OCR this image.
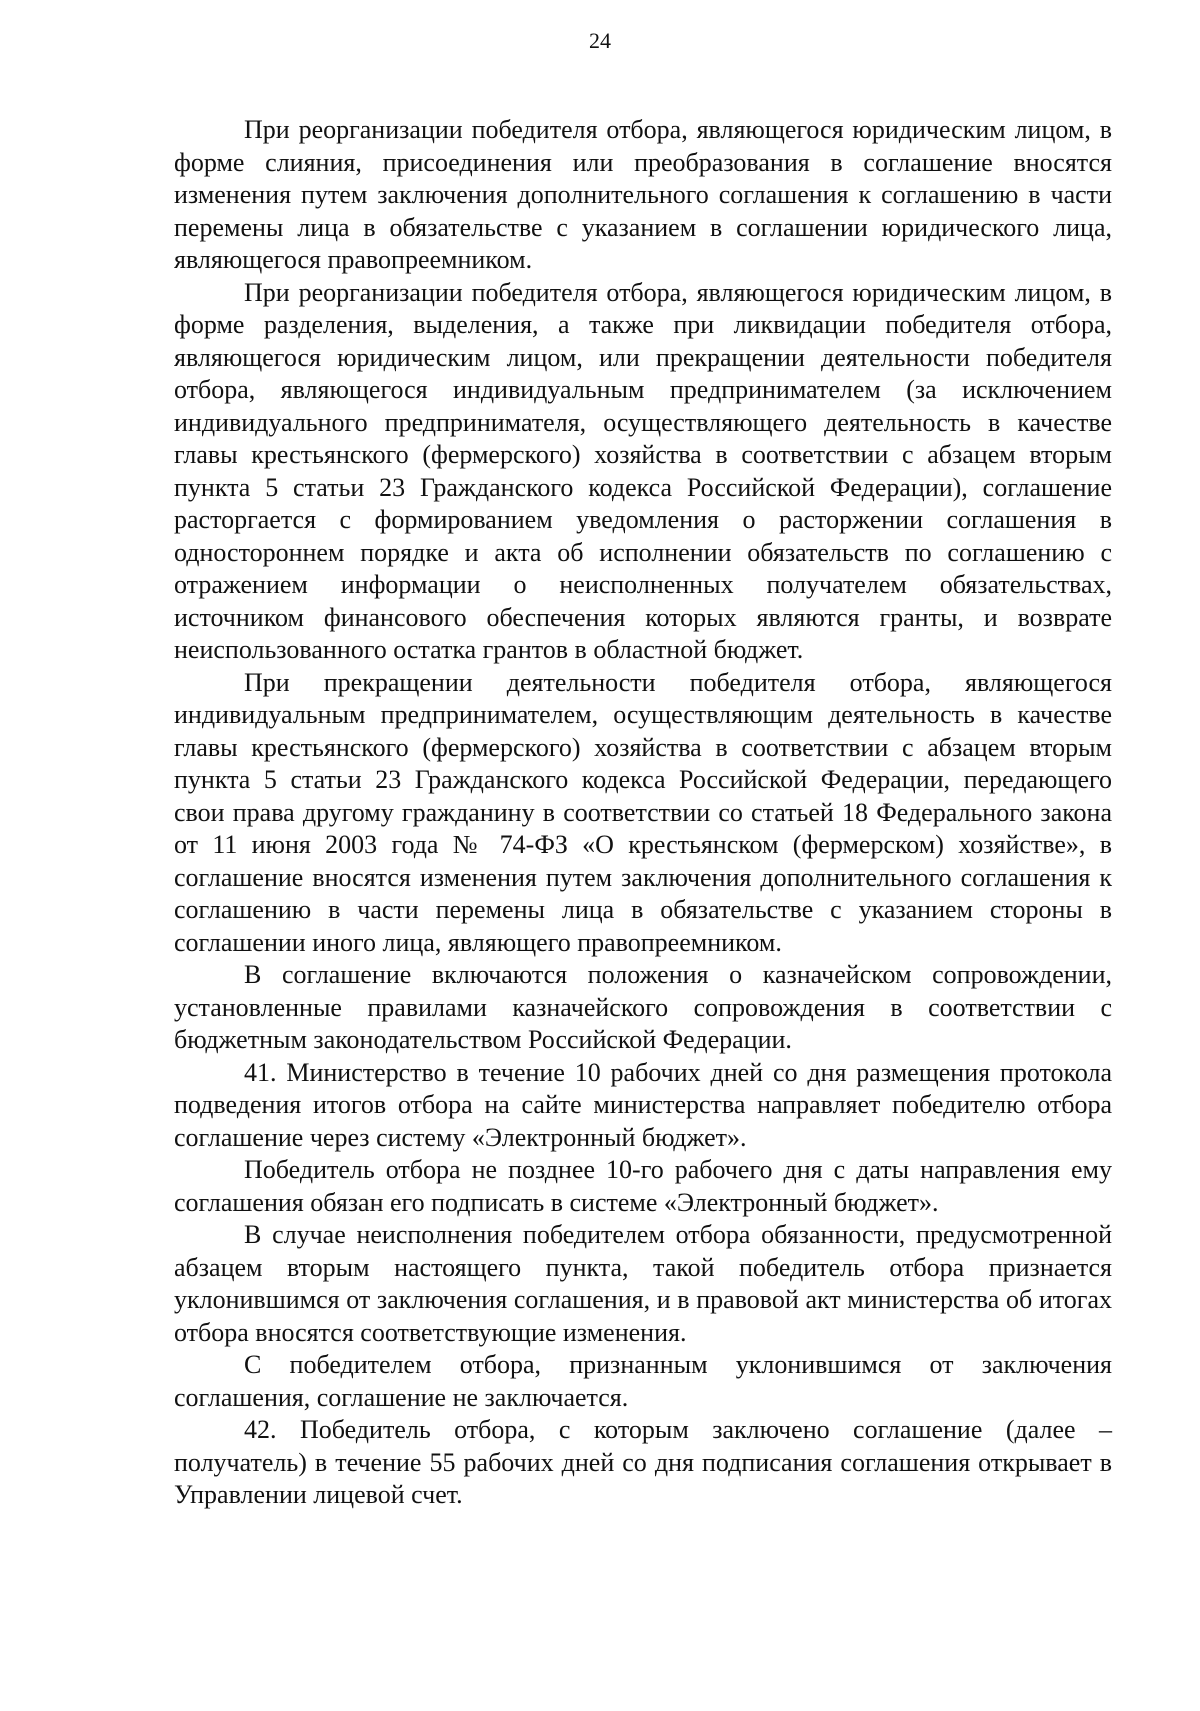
24

При реорганизации победителя отбора, являющегося юридическим лицом, в форме слияния, присоединения или преобразования в соглашение вносятся изменения путем заключения дополнительного соглашения к соглашению в части перемены лица в обязательстве с указанием в соглашении юридического лица, являющегося правопреемником.

При реорганизации победителя отбора, являющегося юридическим лицом, в форме разделения, выделения, а также при ликвидации победителя отбора, являющегося юридическим лицом, или прекращении деятельности победителя отбора, являющегося индивидуальным предпринимателем (за исключением индивидуального предпринимателя, осуществляющего деятельность в качестве главы крестьянского (фермерского) хозяйства в соответствии с абзацем вторым пункта 5 статьи 23 Гражданского кодекса Российской Федерации), соглашение расторгается с формированием уведомления о расторжении соглашения в одностороннем порядке и акта об исполнении обязательств по соглашению с отражением информации о неисполненных получателем обязательствах, источником финансового обеспечения которых являются гранты, и возврате неиспользованного остатка грантов в областной бюджет.

При прекращении деятельности победителя отбора, являющегося индивидуальным предпринимателем, осуществляющим деятельность в качестве главы крестьянского (фермерского) хозяйства в соответствии с абзацем вторым пункта 5 статьи 23 Гражданского кодекса Российской Федерации, передающего свои права другому гражданину в соответствии со статьей 18 Федерального закона от 11 июня 2003 года № 74-ФЗ «О крестьянском (фермерском) хозяйстве», в соглашение вносятся изменения путем заключения дополнительного соглашения к соглашению в части перемены лица в обязательстве с указанием стороны в соглашении иного лица, являющего правопреемником.

В соглашение включаются положения о казначейском сопровождении, установленные правилами казначейского сопровождения в соответствии с бюджетным законодательством Российской Федерации.

41. Министерство в течение 10 рабочих дней со дня размещения протокола подведения итогов отбора на сайте министерства направляет победителю отбора соглашение через систему «Электронный бюджет».

Победитель отбора не позднее 10-го рабочего дня с даты направления ему соглашения обязан его подписать в системе «Электронный бюджет».

В случае неисполнения победителем отбора обязанности, предусмотренной абзацем вторым настоящего пункта, такой победитель отбора признается уклонившимся от заключения соглашения, и в правовой акт министерства об итогах отбора вносятся соответствующие изменения.

С победителем отбора, признанным уклонившимся от заключения соглашения, соглашение не заключается.

42. Победитель отбора, с которым заключено соглашение (далее – получатель) в течение 55 рабочих дней со дня подписания соглашения открывает в Управлении лицевой счет.
